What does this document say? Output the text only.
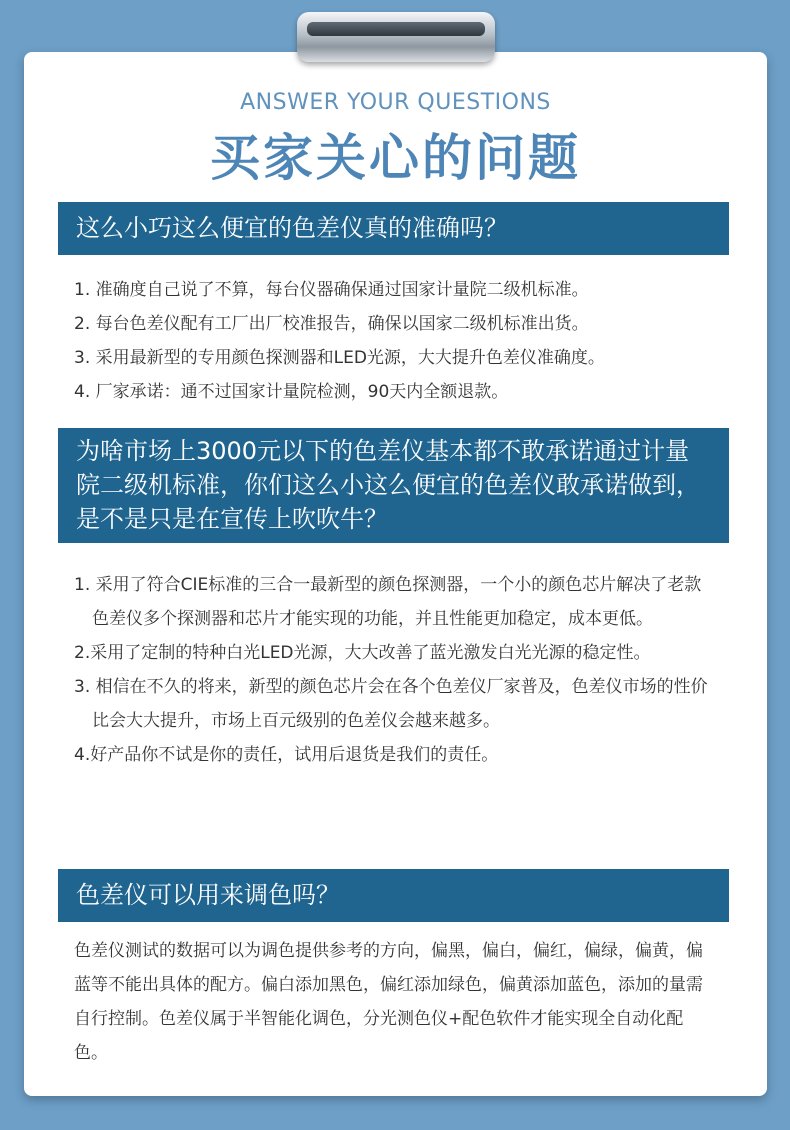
ANSWER YOUR QUESTIONS
买家关心的问题
这么小巧这么便宜的色差仪真的准确吗？
1. 准确度自己说了不算，每台仪器确保通过国家计量院二级机标准。
2. 每台色差仪配有工厂出厂校准报告，确保以国家二级机标准出货。
3. 采用最新型的专用颜色探测器和LED光源，大大提升色差仪准确度。
4. 厂家承诺：通不过国家计量院检测，90天内全额退款。
为啥市场上3000元以下的色差仪基本都不敢承诺通过计量院二级机标准，你们这么小这么便宜的色差仪敢承诺做到，是不是只是在宣传上吹吹牛？
1. 采用了符合CIE标准的三合一最新型的颜色探测器，一个小的颜色芯片解决了老款色差仪多个探测器和芯片才能实现的功能，并且性能更加稳定，成本更低。
2.采用了定制的特种白光LED光源，大大改善了蓝光激发白光光源的稳定性。
3. 相信在不久的将来，新型的颜色芯片会在各个色差仪厂家普及，色差仪市场的性价比会大大提升，市场上百元级别的色差仪会越来越多。
4.好产品你不试是你的责任，试用后退货是我们的责任。
色差仪可以用来调色吗？

色差仪测试的数据可以为调色提供参考的方向，偏黑，偏白，偏红，偏绿，偏黄，偏蓝等不能出具体的配方。偏白添加黑色，偏红添加绿色，偏黄添加蓝色，添加的量需自行控制。色差仪属于半智能化调色，分光测色仪+配色软件才能实现全自动化配色。
